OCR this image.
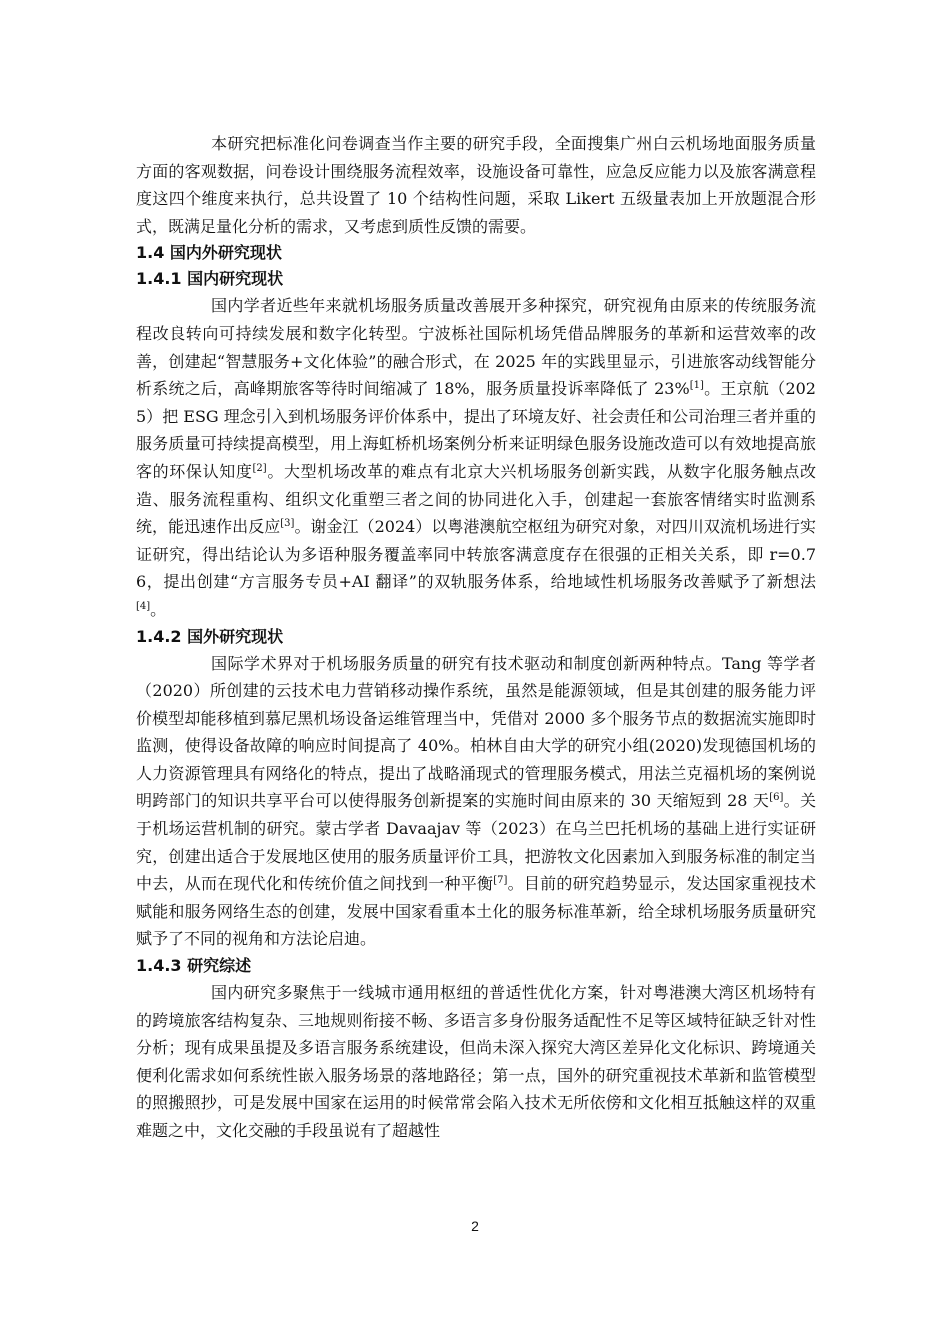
本研究把标准化问卷调查当作主要的研究手段，全面搜集广州白云机场地面服务质量方面的客观数据，问卷设计围绕服务流程效率，设施设备可靠性，应急反应能力以及旅客满意程度这四个维度来执行，总共设置了 10 个结构性问题，采取 Likert 五级量表加上开放题混合形式，既满足量化分析的需求，又考虑到质性反馈的需要。

1.4 国内外研究现状
1.4.1 国内研究现状

国内学者近些年来就机场服务质量改善展开多种探究，研究视角由原来的传统服务流程改良转向可持续发展和数字化转型。宁波栎社国际机场凭借品牌服务的革新和运营效率的改善，创建起“智慧服务+文化体验”的融合形式，在 2025 年的实践里显示，引进旅客动线智能分析系统之后，高峰期旅客等待时间缩减了 18%，服务质量投诉率降低了 23%[1]。王京航（2025）把 ESG 理念引入到机场服务评价体系中，提出了环境友好、社会责任和公司治理三者并重的服务质量可持续提高模型，用上海虹桥机场案例分析来证明绿色服务设施改造可以有效地提高旅客的环保认知度[2]。大型机场改革的难点有北京大兴机场服务创新实践，从数字化服务触点改造、服务流程重构、组织文化重塑三者之间的协同进化入手，创建起一套旅客情绪实时监测系统，能迅速作出反应[3]。谢金江（2024）以粤港澳航空枢纽为研究对象，对四川双流机场进行实证研究，得出结论认为多语种服务覆盖率同中转旅客满意度存在很强的正相关关系，即 r=0.76，提出创建“方言服务专员+AI 翻译”的双轨服务体系，给地域性机场服务改善赋予了新想法[4]。

1.4.2 国外研究现状

国际学术界对于机场服务质量的研究有技术驱动和制度创新两种特点。Tang 等学者（2020）所创建的云技术电力营销移动操作系统，虽然是能源领域，但是其创建的服务能力评价模型却能移植到慕尼黑机场设备运维管理当中，凭借对 2000 多个服务节点的数据流实施即时监测，使得设备故障的响应时间提高了 40%。柏林自由大学的研究小组(2020)发现德国机场的人力资源管理具有网络化的特点，提出了战略涌现式的管理服务模式，用法兰克福机场的案例说明跨部门的知识共享平台可以使得服务创新提案的实施时间由原来的 30 天缩短到 28 天[6]。关于机场运营机制的研究。蒙古学者 Davaajav 等（2023）在乌兰巴托机场的基础上进行实证研究，创建出适合于发展地区使用的服务质量评价工具，把游牧文化因素加入到服务标准的制定当中去，从而在现代化和传统价值之间找到一种平衡[7]。目前的研究趋势显示，发达国家重视技术赋能和服务网络生态的创建，发展中国家看重本土化的服务标准革新，给全球机场服务质量研究赋予了不同的视角和方法论启迪。

1.4.3 研究综述

国内研究多聚焦于一线城市通用枢纽的普适性优化方案，针对粤港澳大湾区机场特有的跨境旅客结构复杂、三地规则衔接不畅、多语言多身份服务适配性不足等区域特征缺乏针对性分析；现有成果虽提及多语言服务系统建设，但尚未深入探究大湾区差异化文化标识、跨境通关便利化需求如何系统性嵌入服务场景的落地路径；第一点，国外的研究重视技术革新和监管模型的照搬照抄，可是发展中国家在运用的时候常常会陷入技术无所依傍和文化相互抵触这样的双重难题之中，文化交融的手段虽说有了超越性

2
